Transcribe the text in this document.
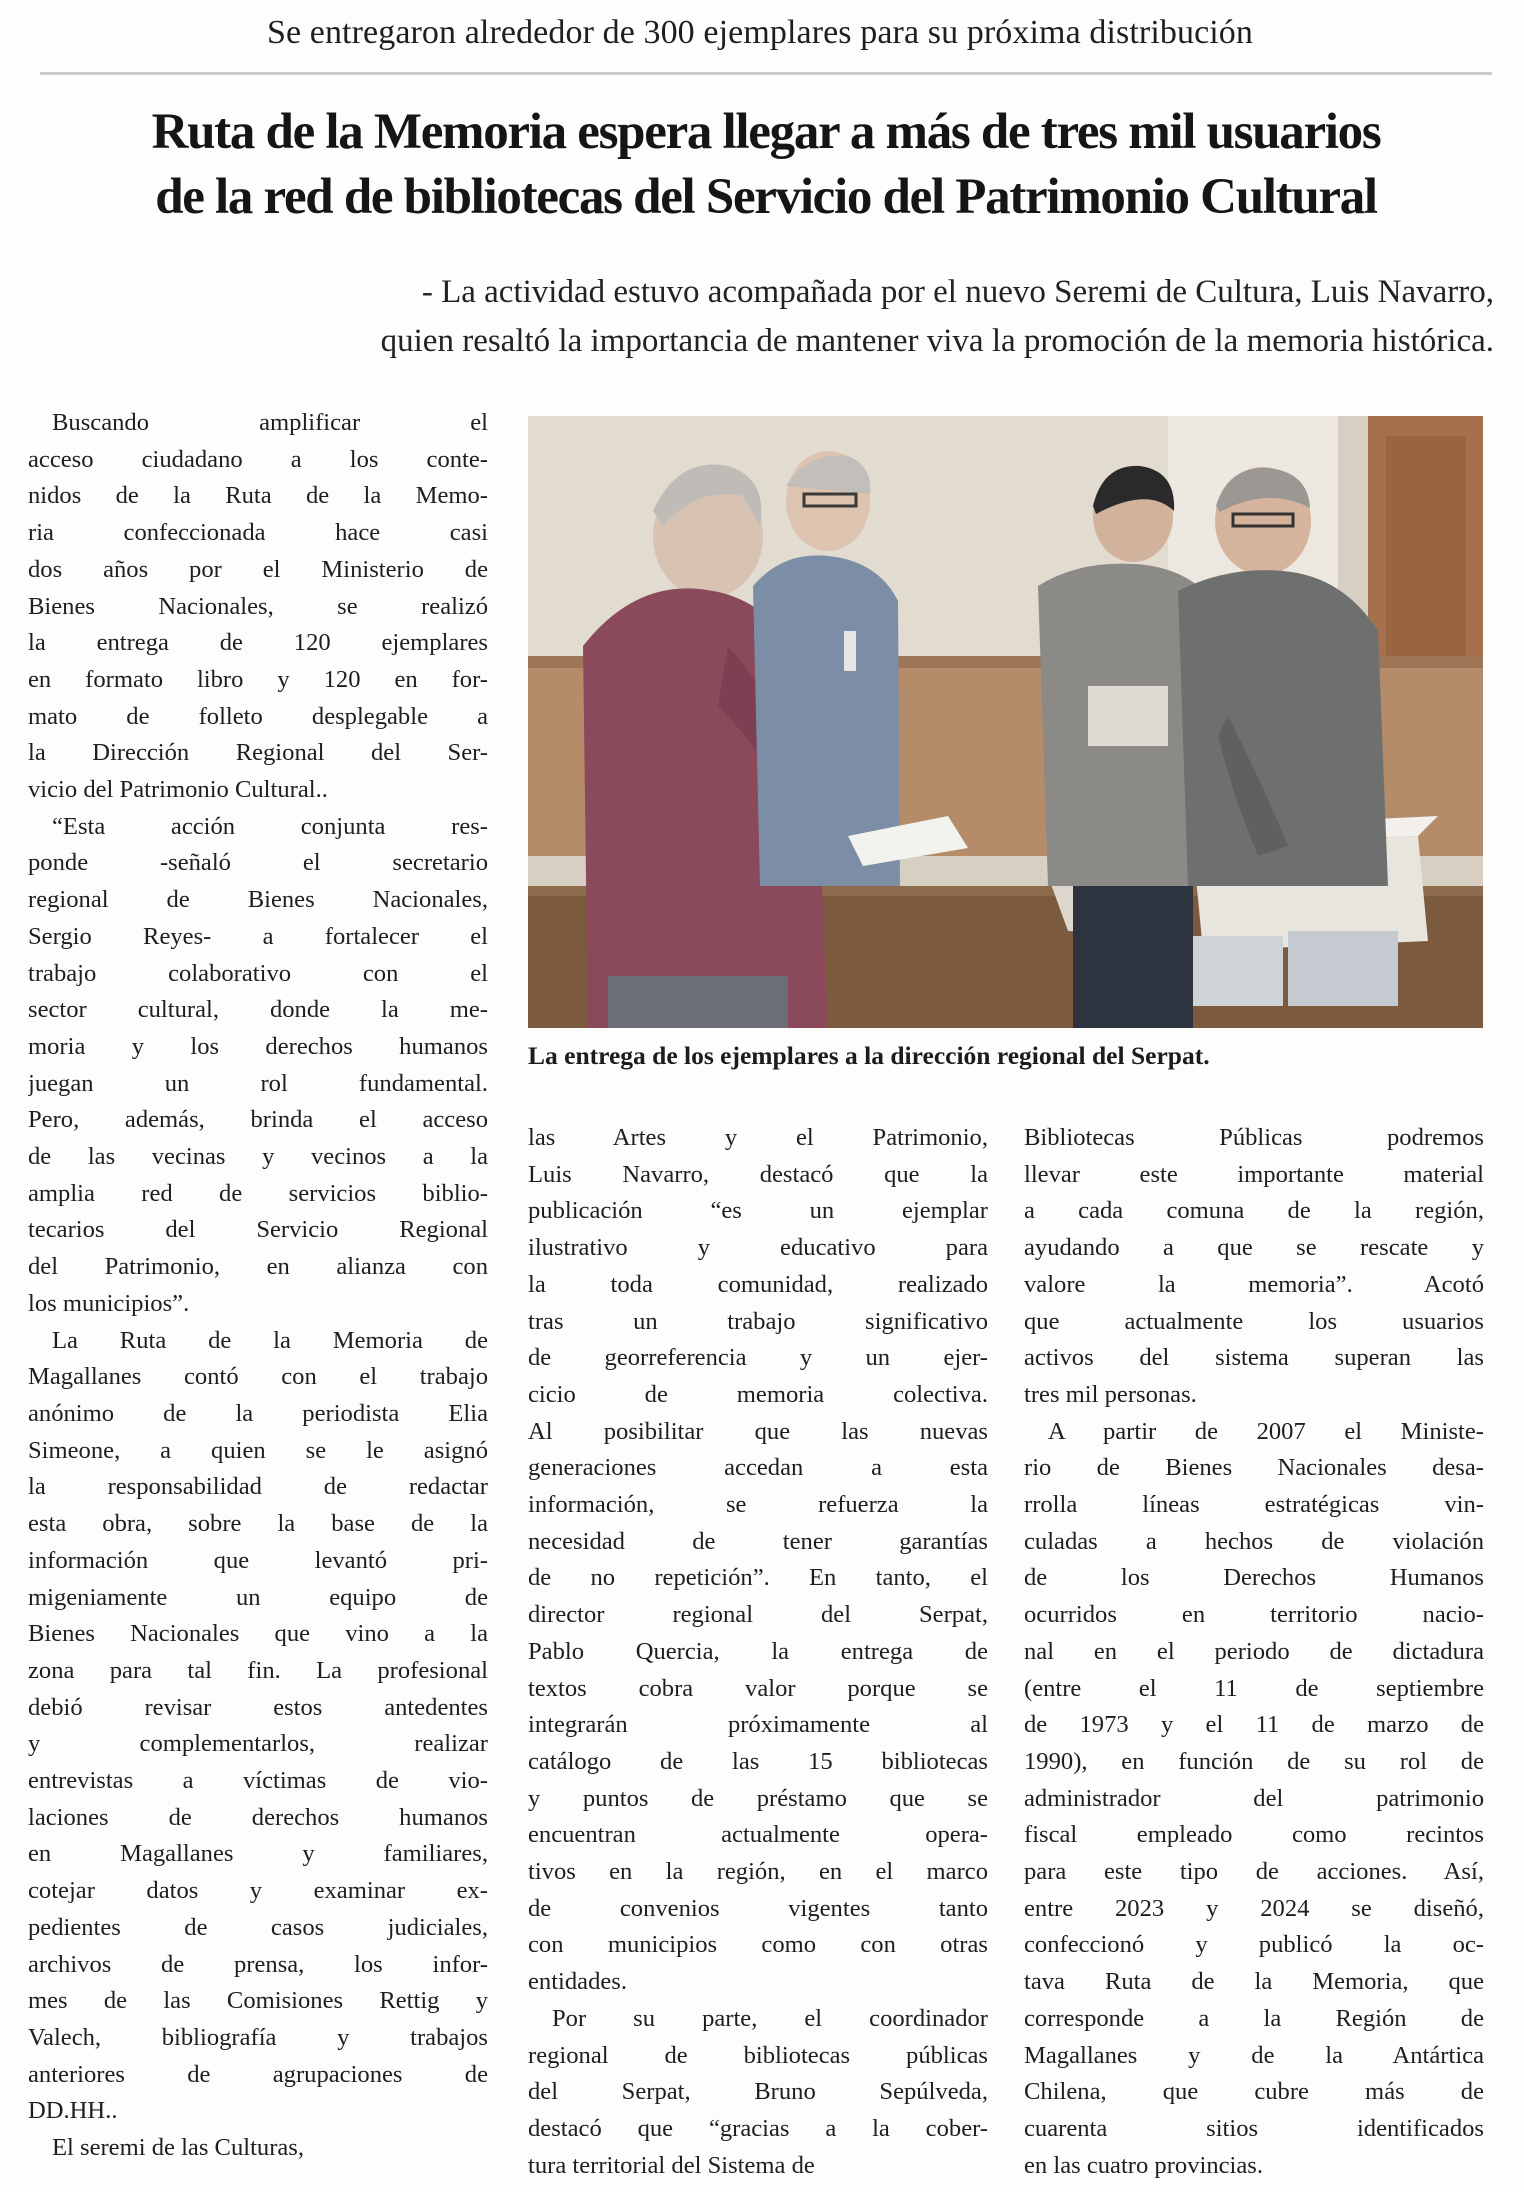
Se entregaron alrededor de 300 ejemplares para su próxima distribución
Ruta de la Memoria espera llegar a más de tres mil usuarios
de la red de bibliotecas del Servicio del Patrimonio Cultural
- La actividad estuvo acompañada por el nuevo Seremi de Cultura, Luis Navarro,
quien resaltó la importancia de mantener viva la promoción de la memoria histórica.
Buscando amplificar el
acceso ciudadano a los conte-
nidos de la Ruta de la Memo-
ria confeccionada hace casi
dos años por el Ministerio de
Bienes Nacionales, se realizó
la entrega de 120 ejemplares
en formato libro y 120 en for-
mato de folleto desplegable a
la Dirección Regional del Ser-
vicio del Patrimonio Cultural..
“Esta acción conjunta res-
ponde -señaló el secretario
regional de Bienes Nacionales,
Sergio Reyes- a fortalecer el
trabajo colaborativo con el
sector cultural, donde la me-
moria y los derechos humanos
juegan un rol fundamental.
Pero, además, brinda el acceso
de las vecinas y vecinos a la
amplia red de servicios biblio-
tecarios del Servicio Regional
del Patrimonio, en alianza con
los municipios”.
La Ruta de la Memoria de
Magallanes contó con el trabajo
anónimo de la periodista Elia
Simeone, a quien se le asignó
la responsabilidad de redactar
esta obra, sobre la base de la
información que levantó pri-
migeniamente un equipo de
Bienes Nacionales que vino a la
zona para tal fin. La profesional
debió revisar estos antedentes
y complementarlos, realizar
entrevistas a víctimas de vio-
laciones de derechos humanos
en Magallanes y familiares,
cotejar datos y examinar ex-
pedientes de casos judiciales,
archivos de prensa, los infor-
mes de las Comisiones Rettig y
Valech, bibliografía y trabajos
anteriores de agrupaciones de
DD.HH..
El seremi de las Culturas,
La entrega de los ejemplares a la dirección regional del Serpat.
las Artes y el Patrimonio,
Luis Navarro, destacó que la
publicación “es un ejemplar
ilustrativo y educativo para
la toda comunidad, realizado
tras un trabajo significativo
de georreferencia y un ejer-
cicio de memoria colectiva.
Al posibilitar que las nuevas
generaciones accedan a esta
información, se refuerza la
necesidad de tener garantías
de no repetición”. En tanto, el
director regional del Serpat,
Pablo Quercia, la entrega de
textos cobra valor porque se
integrarán próximamente al
catálogo de las 15 bibliotecas
y puntos de préstamo que se
encuentran actualmente opera-
tivos en la región, en el marco
de convenios vigentes tanto
con municipios como con otras
entidades.
Por su parte, el coordinador
regional de bibliotecas públicas
del Serpat, Bruno Sepúlveda,
destacó que “gracias a la cober-
tura territorial del Sistema de
Bibliotecas Públicas podremos
llevar este importante material
a cada comuna de la región,
ayudando a que se rescate y
valore la memoria”. Acotó
que actualmente los usuarios
activos del sistema superan las
tres mil personas.
A partir de 2007 el Ministe-
rio de Bienes Nacionales desa-
rrolla líneas estratégicas vin-
culadas a hechos de violación
de los Derechos Humanos
ocurridos en territorio nacio-
nal en el periodo de dictadura
(entre el 11 de septiembre
de 1973 y el 11 de marzo de
1990), en función de su rol de
administrador del patrimonio
fiscal empleado como recintos
para este tipo de acciones. Así,
entre 2023 y 2024 se diseñó,
confeccionó y publicó la oc-
tava Ruta de la Memoria, que
corresponde a la Región de
Magallanes y de la Antártica
Chilena, que cubre más de
cuarenta sitios identificados
en las cuatro provincias.
